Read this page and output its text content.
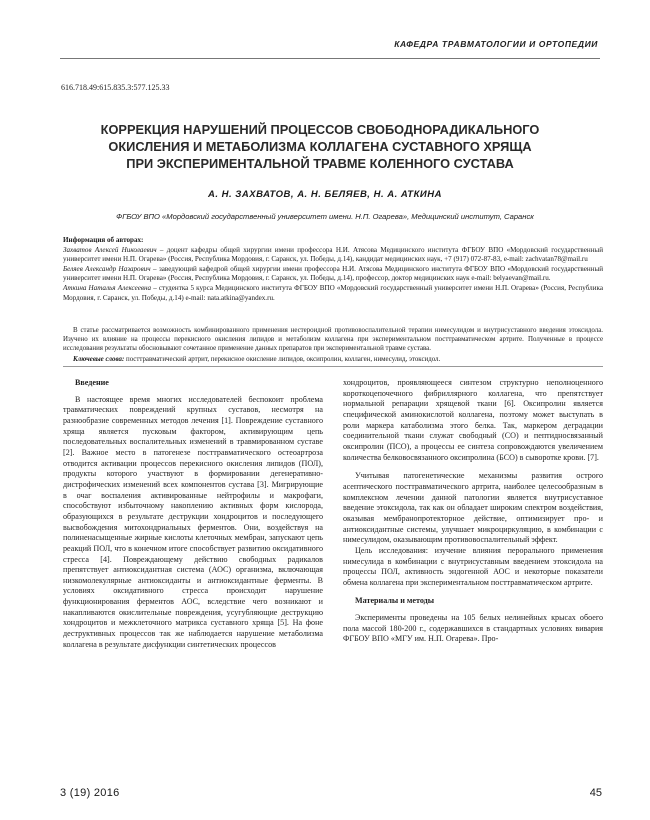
КАФЕДРА ТРАВМАТОЛОГИИ И ОРТОПЕДИИ
616.718.49:615.835.3:577.125.33
КОРРЕКЦИЯ НАРУШЕНИЙ ПРОЦЕССОВ СВОБОДНОРАДИКАЛЬНОГО
ОКИСЛЕНИЯ И МЕТАБОЛИЗМА КОЛЛАГЕНА СУСТАВНОГО ХРЯЩА
ПРИ ЭКСПЕРИМЕНТАЛЬНОЙ ТРАВМЕ КОЛЕННОГО СУСТАВА
А. Н. ЗАХВАТОВ, А. Н. БЕЛЯЕВ, Н. А. АТКИНА
ФГБОУ ВПО «Мордовский государственный университет имени. Н.П. Огарева», Медицинский институт, Саранск

Информация об авторах:

Захватов Алексей Николаевич – доцент кафедры общей хирургии имени профессора Н.И. Атясова Медицинского института ФГБОУ ВПО «Мордовский государственный университет имени Н.П. Огарева» (Россия, Республика Мордовия, г. Саранск, ул. Победы, д.14), кандидат медицинских наук, +7 (917) 072-87-83, e-mail: zachvatan78@mail.ru

Беляев Александр Назарович – заведующий кафедрой общей хирургии имени профессора Н.И. Атясова Медицинского института ФГБОУ ВПО «Мордовский государственный университет имени Н.П. Огарева» (Россия, Республика Мордовия, г. Саранск, ул. Победы, д.14), профессор, доктор медицинских наук e-mail: belyaevan@mail.ru.

Аткина Наталья Алексеевна – студентка 5 курса Медицинского института ФГБОУ ВПО «Мордовский государственный университет имени Н.П. Огарева» (Россия, Республика Мордовия, г. Саранск, ул. Победы, д.14) e-mail: nata.atkina@yandex.ru.

В статье рассматривается возможность комбинированного применения нестероидной противовоспалительной терапии нимесулидом и внутрисуставного введения этоксидола. Изучено их влияние на процессы перекисного окисления липидов и метаболизм коллагена при экспериментальном посттравматическом артрите. Полученные в процессе исследования результаты обосновывают сочетанное применение данных препаратов при экспериментальной травме сустава.

Ключевые слова: посттравматический артрит, перекисное окисление липидов, оксипролин, коллаген, нимесулид, этоксидол.

Введение

В настоящее время многих исследователей беспокоит проблема травматических повреждений крупных суставов, несмотря на разнообразие современных методов лечения [1]. Повреждение суставного хряща является пусковым фактором, активирующим цепь последовательных воспалительных изменений в травмированном суставе [2]. Важное место в патогенезе посттравматического остеоартроза отводится активации процессов перекисного окисления липидов (ПОЛ), продукты которого участвуют в формировании дегенеративно-дистрофических изменений всех компонентов сустава [3]. Мигрирующие в очаг воспаления активированные нейтрофилы и макрофаги, способствуют избыточному накоплению активных форм кислорода, образующихся в результате деструкции хондроцитов и последующего высвобождения митохондриальных ферментов. Они, воздействуя на полиненасыщенные жирные кислоты клеточных мембран, запускают цепь реакций ПОЛ, что в конечном итоге способствует развитию оксидативного стресса [4]. Повреждающему действию свободных радикалов препятствует антиоксидантная система (АОС) организма, включающая низкомолекулярные антиоксиданты и антиоксидантные ферменты. В условиях оксидативного стресса происходит нарушение функционирования ферментов АОС, вследствие чего возникают и накапливаются окислительные повреждения, усугубляющие деструкцию хондроцитов и межклеточного матрикса суставного хряща [5]. На фоне деструктивных процессов так же наблюдается нарушение метаболизма коллагена в результате дисфункции синтетических процессов

хондроцитов, проявляющееся синтезом структурно неполноценного короткоцепочечного фибриллярного коллагена, что препятствует нормальной репарации хрящевой ткани [6]. Оксипролин является специфической аминокислотой коллагена, поэтому может выступать в роли маркера катаболизма этого белка. Так, маркером деградации соединительной ткани служат свободный (СО) и пептидносвязанный оксипролин (ПСО), а процессы ее синтеза сопровождаются увеличением количества белковосвязанного оксипролина (БСО) в сыворотке крови. [7].

Учитывая патогенетические механизмы развития острого асептического посттравматического артрита, наиболее целесообразным в комплексном лечении данной патологии является внутрисуставное введение этоксидола, так как он обладает широким спектром воздействия, оказывая мембранопротекторное действие, оптимизирует про- и антиоксидантные системы, улучшает микроциркуляцию, в комбинации с нимесулидом, оказывающим противовоспалительный эффект.

Цель исследования: изучение влияния перорального применения нимесулида в комбинации с внутрисуставным введением этоксидола на процессы ПОЛ, активность эндогенной АОС и некоторые показатели обмена коллагена при экспериментальном посттравматическом артрите.

Материалы и методы

Эксперименты проведены на 105 белых нелинейных крысах обоего пола массой 180-200 г., содержавшихся в стандартных условиях вивария ФГБОУ ВПО «МГУ им. Н.П. Огарева». Про-

3 (19) 2016	45
